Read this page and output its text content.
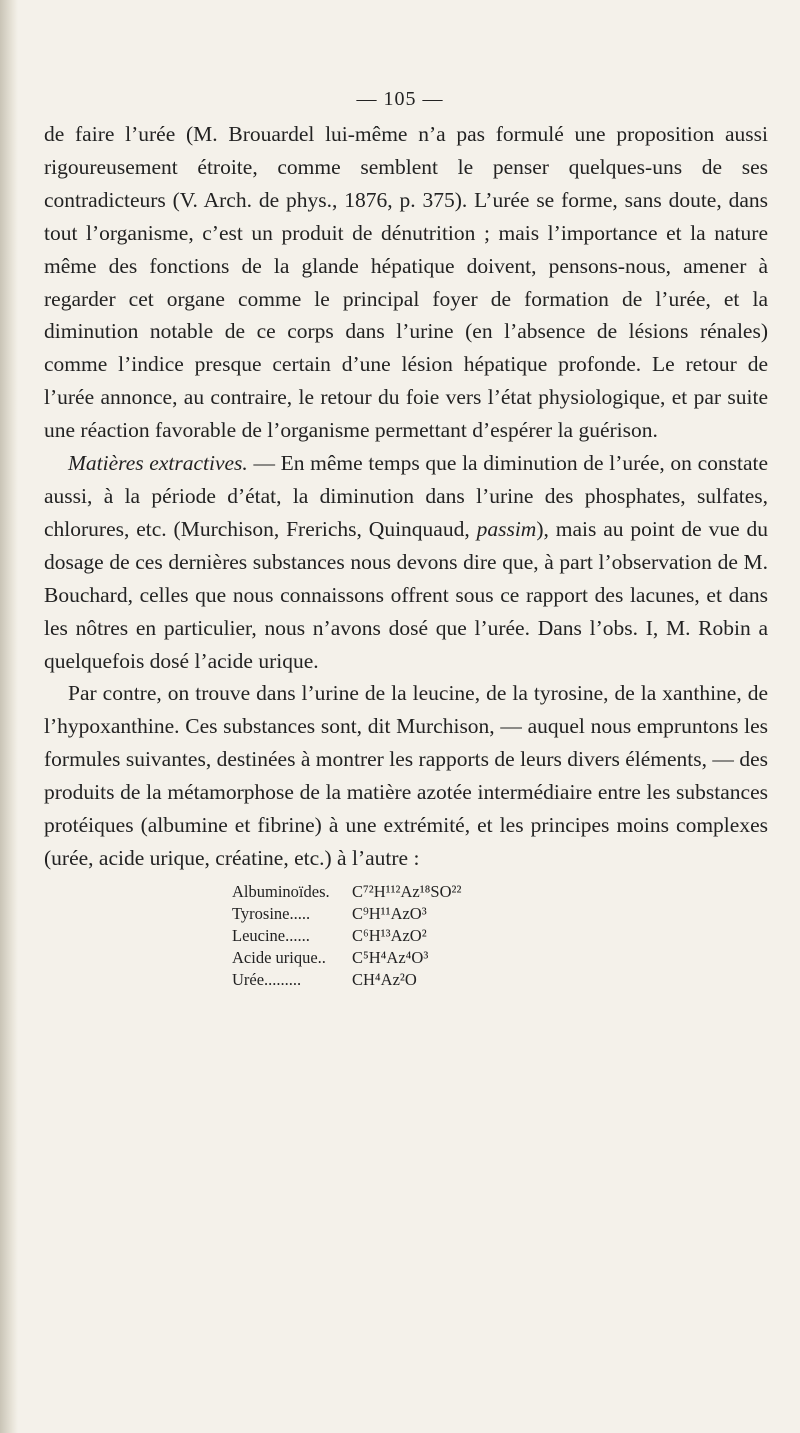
— 105 —

de faire l’urée (M. Brouardel lui-même n’a pas formulé une proposition aussi rigoureusement étroite, comme semblent le penser quelques-uns de ses contradicteurs (V. Arch. de phys., 1876, p. 375). L’urée se forme, sans doute, dans tout l’organisme, c’est un produit de dénutrition ; mais l’importance et la nature même des fonctions de la glande hépatique doivent, pensons-nous, amener à regarder cet organe comme le principal foyer de formation de l’urée, et la diminution notable de ce corps dans l’urine (en l’absence de lésions rénales) comme l’indice presque certain d’une lésion hépatique profonde. Le retour de l’urée annonce, au contraire, le retour du foie vers l’état physiologique, et par suite une réaction favorable de l’organisme permettant d’espérer la guérison.

Matières extractives. — En même temps que la diminution de l’urée, on constate aussi, à la période d’état, la diminution dans l’urine des phosphates, sulfates, chlorures, etc. (Murchison, Frerichs, Quinquaud, passim), mais au point de vue du dosage de ces dernières substances nous devons dire que, à part l’observation de M. Bouchard, celles que nous connaissons offrent sous ce rapport des lacunes, et dans les nôtres en particulier, nous n’avons dosé que l’urée. Dans l’obs. I, M. Robin a quelquefois dosé l’acide urique.

Par contre, on trouve dans l’urine de la leucine, de la tyrosine, de la xanthine, de l’hypoxanthine. Ces substances sont, dit Murchison, — auquel nous empruntons les formules suivantes, destinées à montrer les rapports de leurs divers éléments, — des produits de la métamorphose de la matière azotée intermédiaire entre les substances protéiques (albumine et fibrine) à une extrémité, et les principes moins complexes (urée, acide urique, créatine, etc.) à l’autre :

Albuminoïdes.	C⁷²H¹¹²Az¹⁸SO²²
Tyrosine.....	C⁹H¹¹AzO³
Leucine......	C⁶H¹³AzO²
Acide urique..	C⁵H⁴Az⁴O³
Urée.........	CH⁴Az²O
